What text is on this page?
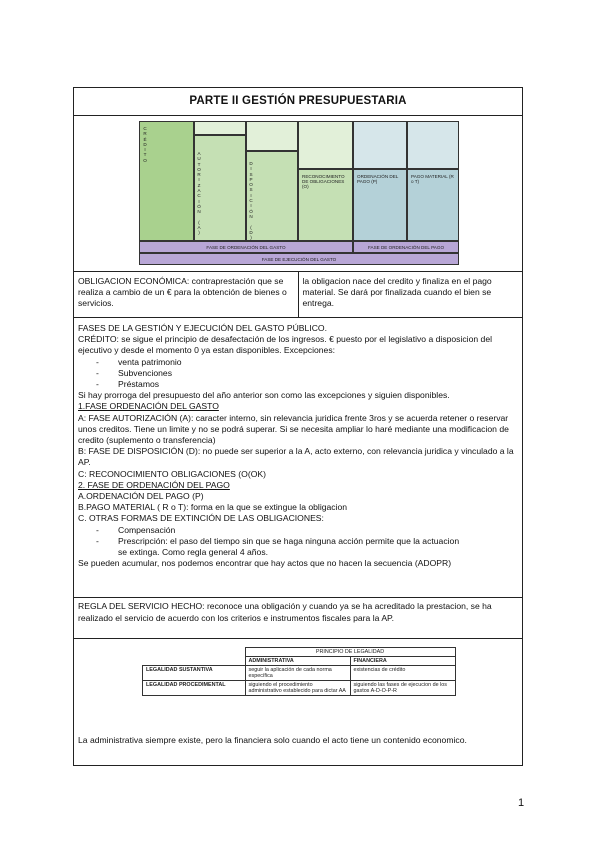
PARTE II GESTIÓN PRESUPUESTARIA
C
R
É
D
I
T
O
A
U
T
O
R
I
Z
A
C
I
Ó
N

(
A
)
D
I
S
P
O
S
I
C
I
Ó
N

(
D
)
RECONOCIMIENTO DE OBLIGACIONES (O)
ORDENACIÓN DEL PAGO (P)
PAGO MATERIAL (R o T)
FASE DE ORDENACIÓN DEL GASTO	FASE DE ORDENACIÓN DEL PAGO
FASE DE EJECUCIÓN DEL GASTO
OBLIGACION ECONÓMICA: contraprestación que se realiza a cambio de un € para la obtención de bienes o servicios.
la obligacion nace del credito y finaliza en el pago material. Se dará por finalizada cuando el bien se entrega.

FASES DE LA GESTIÓN Y EJECUCIÓN DEL GASTO PÚBLICO.

CRÉDITO: se sigue el principio de desafectación de los ingresos. € puesto por el legislativo a disposicion del ejecutivo y desde el momento 0 ya estan disponibles. Excepciones:

- venta patrimonio

- Subvenciones

- Préstamos

Si hay prorroga del presupuesto del año anterior son como las excepciones y siguien disponibles.

1.FASE ORDENACIÓN DEL GASTO

A: FASE AUTORIZACIÓN (A): caracter interno, sin relevancia juridica frente 3ros y se acuerda retener o reservar unos creditos. Tiene un limite y no se podrá superar. Si se necesita ampliar lo haré mediante una modificacion de credito (suplemento o transferencia)

B: FASE DE DISPOSICIÓN (D): no puede ser superior a la A, acto externo, con relevancia juridica y vinculado a la AP.

C: RECONOCIMIENTO OBLIGACIONES (O(OK)

2. FASE DE ORDENACIÓN DEL PAGO

A.ORDENACIÓN DEL PAGO (P)

B.PAGO MATERIAL ( R o T): forma en la que se extingue la obligacion

C. OTRAS FORMAS DE EXTINCIÓN DE LAS OBLIGACIONES:

- Compensación

- Prescripción: el paso del tiempo sin que se haga ninguna acción permite que la actuacion

se extinga. Como regla general 4 años.

Se pueden acumular, nos podemos encontrar que hay actos que no hacen la secuencia (ADOPR)

REGLA DEL SERVICIO HECHO: reconoce una obligación y cuando ya se ha acreditado la prestacion, se ha realizado el servicio de acuerdo con los criterios e instrumentos fiscales para la AP.
	PRINCIPIO DE LEGALIDAD	
	ADMINISTRATIVA	FINANCIERA
LEGALIDAD SUSTANTIVA	seguir la aplicación de cada norma específica	existencias de crédito
LEGALIDAD PROCEDIMENTAL	siguiendo el procedimiento administrativo establecido para dictar AA	siguiendo las fases de ejecucion de los gastos A-D-O-P-R
La administrativa siempre existe, pero la financiera solo cuando el acto tiene un contenido economico.
1
